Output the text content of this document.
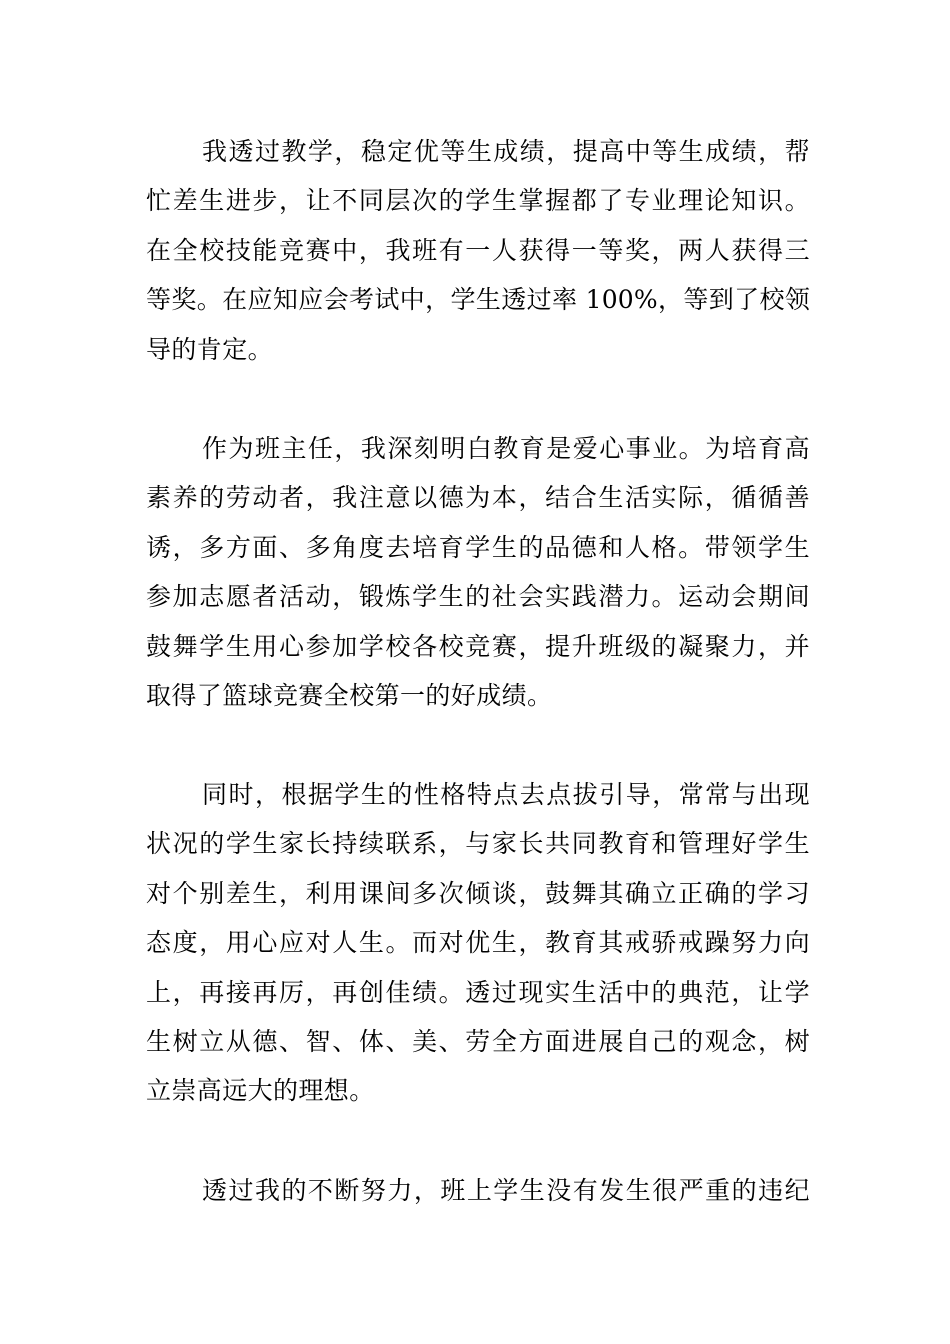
我透过教学，稳定优等生成绩，提高中等生成绩，帮
忙差生进步，让不同层次的学生掌握都了专业理论知识。
在全校技能竞赛中，我班有一人获得一等奖，两人获得三
等奖。在应知应会考试中，学生透过率 100%，等到了校领
导的肯定。
作为班主任，我深刻明白教育是爱心事业。为培育高
素养的劳动者，我注意以德为本，结合生活实际，循循善
诱，多方面、多角度去培育学生的品德和人格。带领学生
参加志愿者活动，锻炼学生的社会实践潜力。运动会期间
鼓舞学生用心参加学校各校竞赛，提升班级的凝聚力，并
取得了篮球竞赛全校第一的好成绩。
同时，根据学生的性格特点去点拔引导，常常与出现
状况的学生家长持续联系，与家长共同教育和管理好学生
对个别差生，利用课间多次倾谈，鼓舞其确立正确的学习
态度，用心应对人生。而对优生，教育其戒骄戒躁努力向
上，再接再厉，再创佳绩。透过现实生活中的典范，让学
生树立从德、智、体、美、劳全方面进展自己的观念，树
立崇高远大的理想。
透过我的不断努力，班上学生没有发生很严重的违纪
